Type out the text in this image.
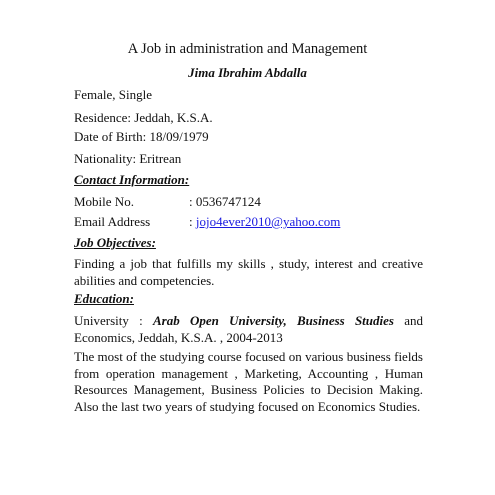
A Job in administration and Management
Jima Ibrahim Abdalla
Female, Single
Residence: Jeddah, K.S.A.
Date of Birth: 18/09/1979
Nationality: Eritrean
Contact Information:
Mobile No.	: 0536747124
Email Address	: jojo4ever2010@yahoo.com
Job Objectives:
Finding a job that fulfills my skills , study, interest and creative abilities and competencies.
Education:
University : Arab Open University, Business Studies and Economics, Jeddah, K.S.A. , 2004-2013
The most of the studying course focused on various business fields from operation management , Marketing, Accounting , Human Resources Management, Business Policies to Decision Making. Also the last two years of studying focused on Economics Studies.
